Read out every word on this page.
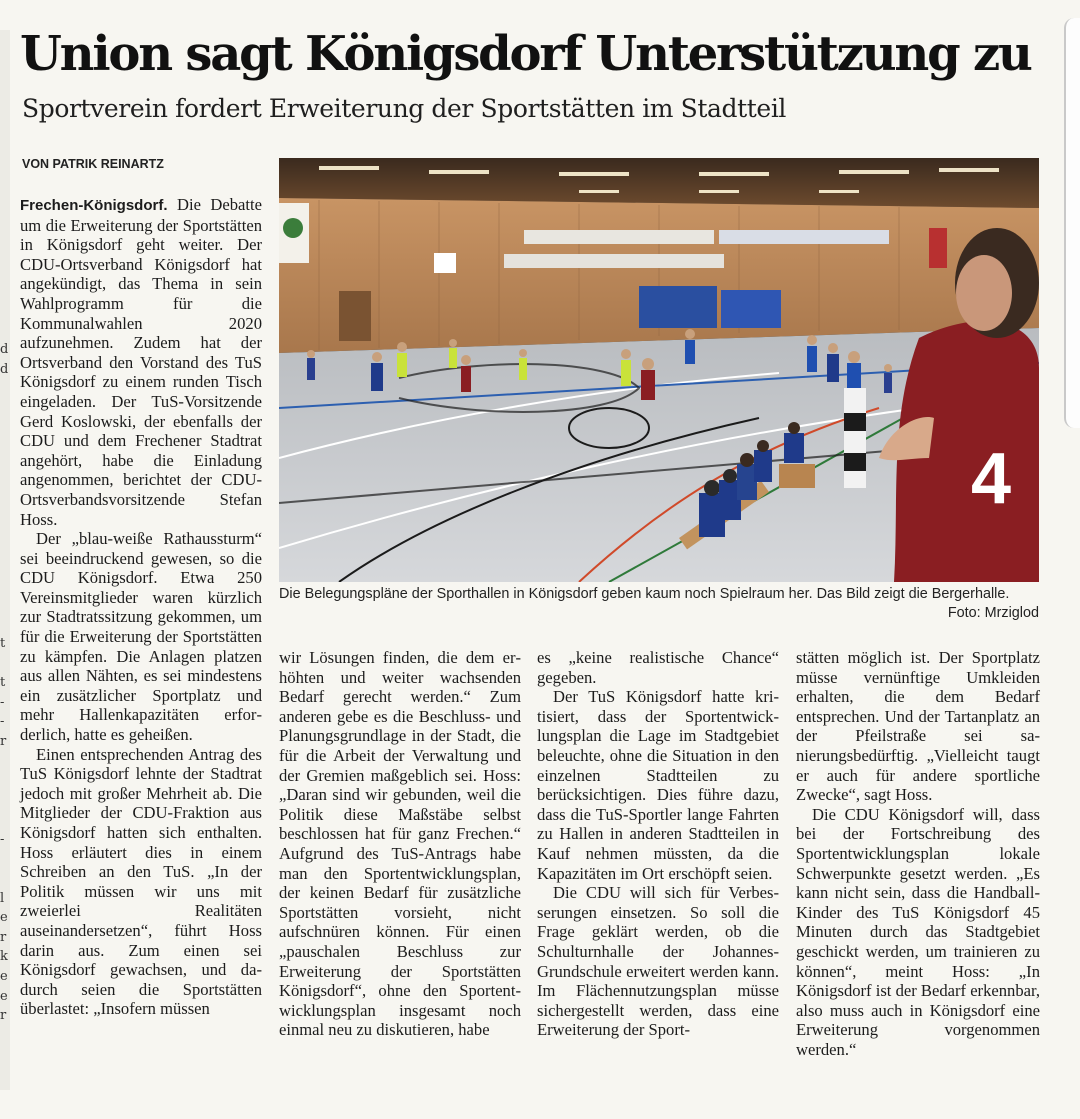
d
d

t

t
-
-
r

-

l
e
r
k
e
e
r
Union sagt Königsdorf Unterstützung zu
Sportverein fordert Erweiterung der Sportstätten im Stadtteil
VON PATRIK REINARTZ

Frechen-Königsdorf. Die Debatte um die Erweiterung der Sportstätten in Königsdorf geht weiter. Der CDU-Ortsverband Königsdorf hat angekündigt, das Thema in sein Wahlprogramm für die Kommunalwahlen 2020 aufzunehmen. Zudem hat der Ortsverband den Vorstand des TuS Königsdorf zu einem runden Tisch eingeladen. Der TuS-Vorsitzende Gerd Koslowski, der ebenfalls der CDU und dem Frechener Stadtrat angehört, habe die Einladung angenommen, berichtet der CDU-Ortsverbandsvorsitzende Stefan Hoss.

Der „blau-weiße Rathaussturm“ sei beeindruckend gewesen, so die CDU Königsdorf. Etwa 250 Vereinsmitglieder waren kürzlich zur Stadtratssitzung gekommen, um für die Erweiterung der Sportstätten zu kämpfen. Die Anlagen platzen aus allen Nähten, es sei mindestens ein zusätzlicher Sportplatz und mehr Hallenkapazitäten erforderlich, hatte es geheißen.

Einen entsprechenden Antrag des TuS Königsdorf lehnte der Stadtrat jedoch mit großer Mehrheit ab. Die Mitglieder der CDU-Fraktion aus Königsdorf hatten sich enthalten. Hoss erläutert dies in einem Schreiben an den TuS. „In der Politik müssen wir uns mit zweierlei Realitäten auseinandersetzen“, führt Hoss darin aus. Zum einen sei Königsdorf gewachsen, und dadurch seien die Sportstätten überlastet: „Insofern müssen

4
Die Belegungspläne der Sporthallen in Königsdorf geben kaum noch Spielraum her. Das Bild zeigt die Bergerhalle.
Foto: Mrziglod

wir Lösungen finden, die dem erhöhten und weiter wachsenden Bedarf gerecht werden.“ Zum anderen gebe es die Beschluss- und Planungsgrundlage in der Stadt, die für die Arbeit der Verwaltung und der Gremien maßgeblich sei. Hoss: „Daran sind wir gebunden, weil die Politik diese Maßstäbe selbst beschlossen hat für ganz Frechen.“ Aufgrund des TuS-Antrags habe man den Sportentwicklungsplan, der keinen Bedarf für zusätzliche Sportstätten vorsieht, nicht aufschnüren können. Für einen „pauschalen Beschluss zur Erweiterung der Sportstätten Königsdorf“, ohne den Sportentwicklungsplan insgesamt noch einmal neu zu diskutieren, habe

es „keine realistische Chance“ gegeben.

Der TuS Königsdorf hatte kritisiert, dass der Sportentwicklungsplan die Lage im Stadtgebiet beleuchte, ohne die Situation in den einzelnen Stadtteilen zu berücksichtigen. Dies führe dazu, dass die TuS-Sportler lange Fahrten zu Hallen in anderen Stadtteilen in Kauf nehmen müssten, da die Kapazitäten im Ort erschöpft seien.

Die CDU will sich für Verbesserungen einsetzen. So soll die Frage geklärt werden, ob die Schulturnhalle der Johannes-Grundschule erweitert werden kann. Im Flächennutzungsplan müsse sichergestellt werden, dass eine Erweiterung der Sport-

stätten möglich ist. Der Sportplatz müsse vernünftige Umkleiden erhalten, die dem Bedarf entsprechen. Und der Tartanplatz an der Pfeilstraße sei sanierungsbedürftig. „Vielleicht taugt er auch für andere sportliche Zwecke“, sagt Hoss.

Die CDU Königsdorf will, dass bei der Fortschreibung des Sportentwicklungsplan lokale Schwerpunkte gesetzt werden. „Es kann nicht sein, dass die Handball-Kinder des TuS Königsdorf 45 Minuten durch das Stadtgebiet geschickt werden, um trainieren zu können“, meint Hoss: „In Königsdorf ist der Bedarf erkennbar, also muss auch in Königsdorf eine Erweiterung vorgenommen werden.“
